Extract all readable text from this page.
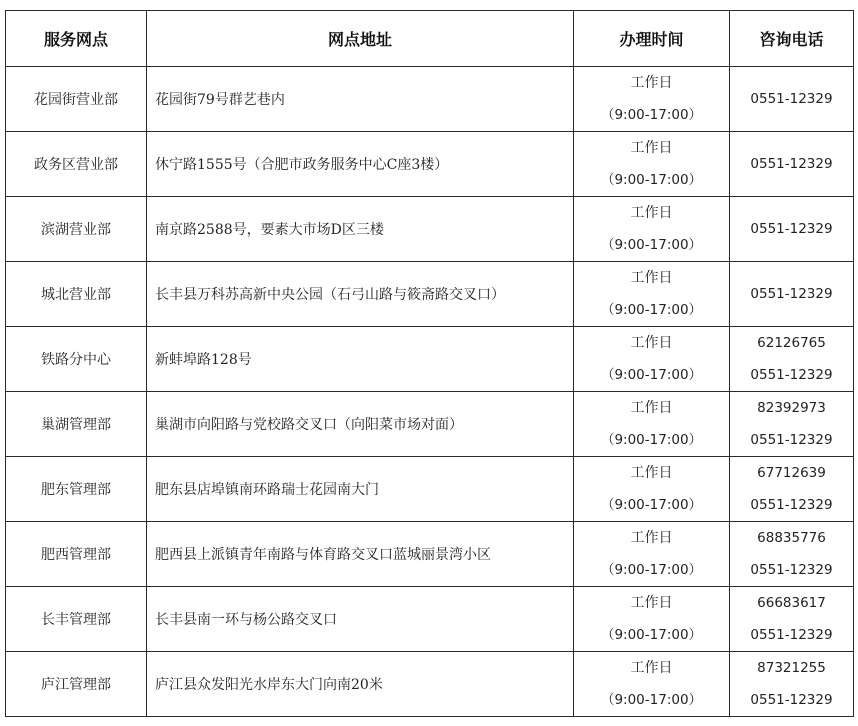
服务网点	网点地址	办理时间	咨询电话
花园街营业部	花园街79号群艺巷内	工作日
（9:00-17:00）	0551-12329

政务区营业部	休宁路1555号（合肥市政务服务中心C座3楼）	工作日
（9:00-17:00）	0551-12329

滨湖营业部	南京路2588号，要素大市场D区三楼	工作日
（9:00-17:00）	0551-12329

城北营业部	长丰县万科苏高新中央公园（石弓山路与筱斋路交叉口）	工作日
（9:00-17:00）	0551-12329

铁路分中心	新蚌埠路128号	工作日
（9:00-17:00）	62126765
0551-12329

巢湖管理部	巢湖市向阳路与党校路交叉口（向阳菜市场对面）	工作日
（9:00-17:00）	82392973
0551-12329

肥东管理部	肥东县店埠镇南环路瑞士花园南大门	工作日
（9:00-17:00）	67712639
0551-12329

肥西管理部	肥西县上派镇青年南路与体育路交叉口蓝城丽景湾小区	工作日
（9:00-17:00）	68835776
0551-12329

长丰管理部	长丰县南一环与杨公路交叉口	工作日
（9:00-17:00）	66683617
0551-12329

庐江管理部	庐江县众发阳光水岸东大门向南20米	工作日
（9:00-17:00）	87321255
0551-12329
